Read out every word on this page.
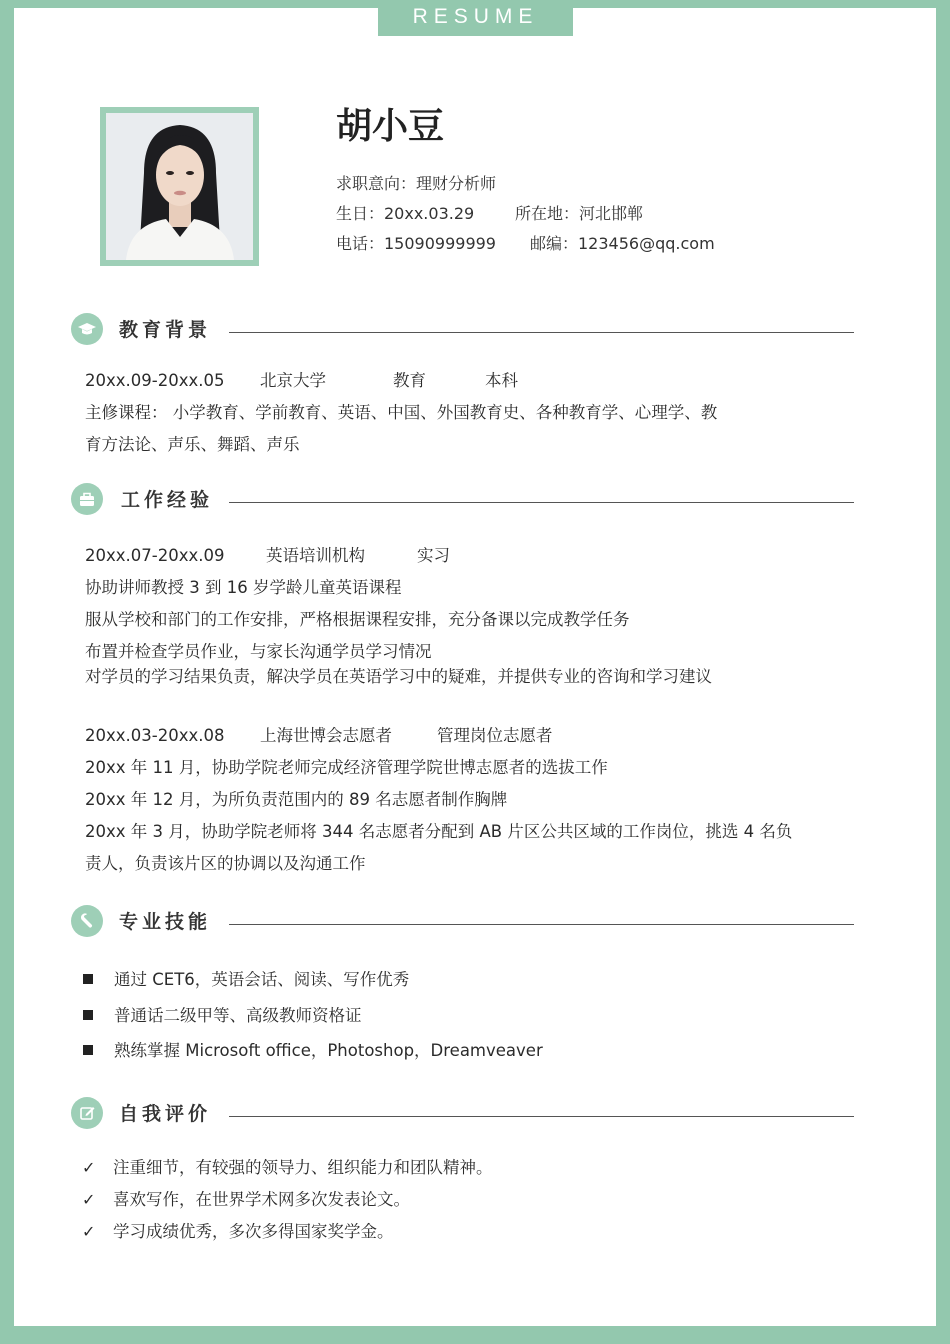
RESUME
胡小豆
求职意向：理财分析师
生日：20xx.03.29	所在地：河北邯郸
电话：15090999999 邮编：123456@qq.com
教育背景
20xx.09-20xx.05 北京大学	教育	本科
主修课程： 小学教育、学前教育、英语、中国、外国教育史、各种教育学、心理学、教
育方法论、声乐、舞蹈、声乐
工作经验
20xx.07-20xx.09	英语培训机构	实习
协助讲师教授 3 到 16 岁学龄儿童英语课程
服从学校和部门的工作安排，严格根据课程安排，充分备课以完成教学任务
布置并检查学员作业，与家长沟通学员学习情况
对学员的学习结果负责，解决学员在英语学习中的疑难，并提供专业的咨询和学习建议
20xx.03-20xx.08 上海世博会志愿者	管理岗位志愿者
20xx 年 11 月，协助学院老师完成经济管理学院世博志愿者的选拔工作
20xx 年 12 月，为所负责范围内的 89 名志愿者制作胸牌
20xx 年 3 月，协助学院老师将 344 名志愿者分配到 AB 片区公共区域的工作岗位，挑选 4 名负
责人，负责该片区的协调以及沟通工作
专业技能
通过 CET6，英语会话、阅读、写作优秀
普通话二级甲等、高级教师资格证
熟练掌握 Microsoft office，Photoshop，Dreamveaver
自我评价
✓ 注重细节，有较强的领导力、组织能力和团队精神。
✓ 喜欢写作，在世界学术网多次发表论文。
✓ 学习成绩优秀，多次多得国家奖学金。
